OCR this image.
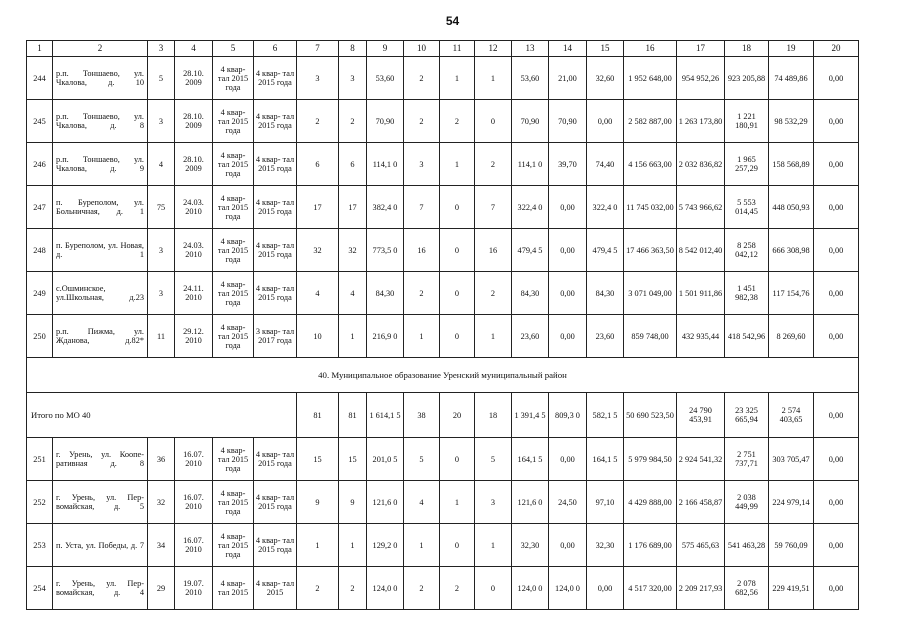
54
1	2	3	4	5	6	7	8	9	10	11	12	13	14	15	16	17	18	19	20
244	р.п. Тоншаево, ул. Чкалова, д. 10	5	28.10. 2009	4 квар- тал 2015 года	4 квар- тал 2015 года	3	3	53,60	2	1	1	53,60	21,00	32,60	1 952 648,00	954 952,26	923 205,88	74 489,86	0,00
245	р.п. Тоншаево, ул. Чкалова, д. 8	3	28.10. 2009	4 квар- тал 2015 года	4 квар- тал 2015 года	2	2	70,90	2	2	0	70,90	70,90	0,00	2 582 887,00	1 263 173,80	1 221 180,91	98 532,29	0,00
246	р.п. Тоншаево, ул. Чкалова, д. 9	4	28.10. 2009	4 квар- тал 2015 года	4 квар- тал 2015 года	6	6	114,1 0	3	1	2	114,1 0	39,70	74,40	4 156 663,00	2 032 836,82	1 965 257,29	158 568,89	0,00
247	п. Буреполом, ул. Больничная, д. 1	75	24.03. 2010	4 квар- тал 2015 года	4 квар- тал 2015 года	17	17	382,4 0	7	0	7	322,4 0	0,00	322,4 0	11 745 032,00	5 743 966,62	5 553 014,45	448 050,93	0,00
248	п. Буреполом, ул. Новая, д. 1	3	24.03. 2010	4 квар- тал 2015 года	4 квар- тал 2015 года	32	32	773,5 0	16	0	16	479,4 5	0,00	479,4 5	17 466 363,50	8 542 012,40	8 258 042,12	666 308,98	0,00
249	с.Ошминское, ул.Школьная, д.23	3	24.11. 2010	4 квар- тал 2015 года	4 квар- тал 2015 года	4	4	84,30	2	0	2	84,30	0,00	84,30	3 071 049,00	1 501 911,86	1 451 982,38	117 154,76	0,00
250	р.п. Пижма, ул. Жданова, д.82*	11	29.12. 2010	4 квар- тал 2015 года	3 квар- тал 2017 года	10	1	216,9 0	1	0	1	23,60	0,00	23,60	859 748,00	432 935,44	418 542,96	8 269,60	0,00
40. Муниципальное образование Уренский муниципальный район																			
Итого по МО 40						81	81	1 614,1 5	38	20	18	1 391,4 5	809,3 0	582,1 5	50 690 523,50	24 790 453,91	23 325 665,94	2 574 403,65	0,00
251	г. Урень, ул. Коопе- ративная д. 8	36	16.07. 2010	4 квар- тал 2015 года	4 квар- тал 2015 года	15	15	201,0 5	5	0	5	164,1 5	0,00	164,1 5	5 979 984,50	2 924 541,32	2 751 737,71	303 705,47	0,00
252	г. Урень, ул. Пер- вомайская, д. 5	32	16.07. 2010	4 квар- тал 2015 года	4 квар- тал 2015 года	9	9	121,6 0	4	1	3	121,6 0	24,50	97,10	4 429 888,00	2 166 458,87	2 038 449,99	224 979,14	0,00
253	п. Уста, ул. Победы, д. 7	34	16.07. 2010	4 квар- тал 2015 года	4 квар- тал 2015 года	1	1	129,2 0	1	0	1	32,30	0,00	32,30	1 176 689,00	575 465,63	541 463,28	59 760,09	0,00
254	г. Урень, ул. Пер- вомайская, д. 4	29	19.07. 2010	4 квар- тал 2015	4 квар- тал 2015	2	2	124,0 0	2	2	0	124,0 0	124,0 0	0,00	4 517 320,00	2 209 217,93	2 078 682,56	229 419,51	0,00
